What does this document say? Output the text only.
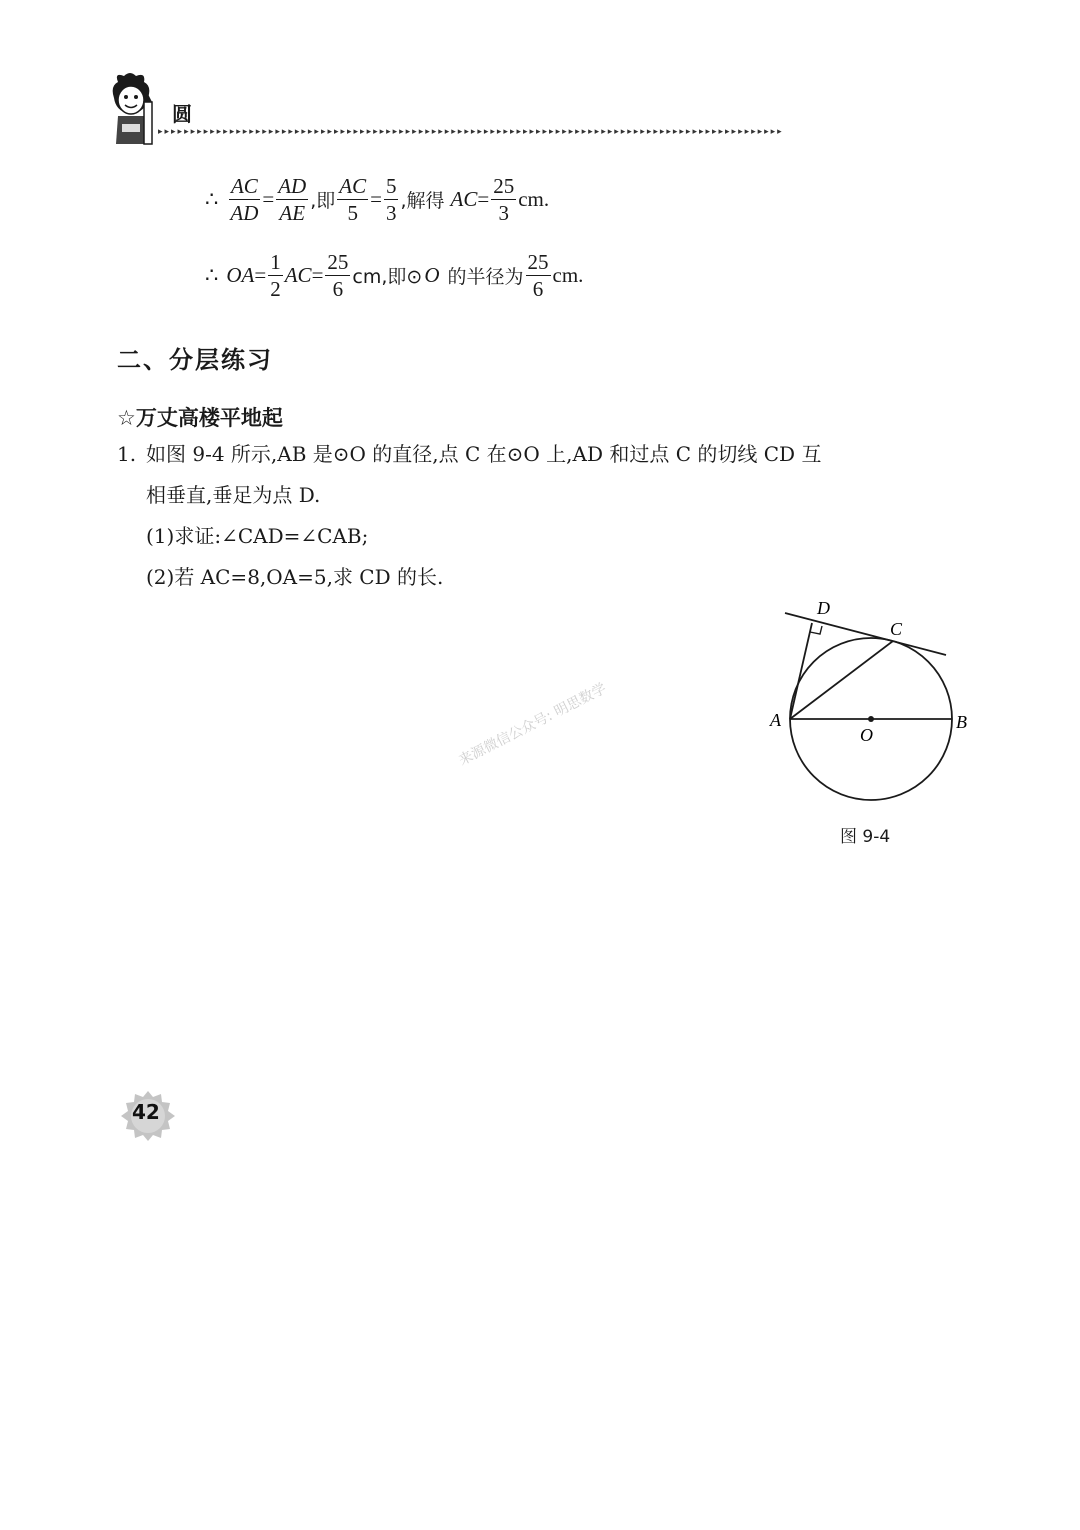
圆
▸▸▸▸▸▸▸▸▸▸▸▸▸▸▸▸▸▸▸▸▸▸▸▸▸▸▸▸▸▸▸▸▸▸▸▸▸▸▸▸▸▸▸▸▸▸▸▸▸▸▸▸▸▸▸▸▸▸▸▸▸▸▸▸▸▸▸▸▸▸▸▸▸▸▸▸▸▸▸▸▸▸▸▸▸▸▸▸▸▸▸▸▸▸▸▸
∴ $\frac{AC}{AD} = \frac{AD}{AE}$ ,即 $\frac{AC}{5} = \frac{5}{3}$ ,解得 AC = $\frac{25}{3}$ cm.
∴ OA = $\frac{1}{2}$ AC = $\frac{25}{6}$ cm,即⊙ O 的半径为 $\frac{25}{6}$ cm.
二、分层练习
☆万丈高楼平地起
1. 如图 9-4 所示,AB 是⊙O 的直径,点 C 在⊙O 上,AD 和过点 C 的切线 CD 互
相垂直,垂足为点 D.
(1)求证:∠CAD=∠CAB;
(2)若 AC=8,OA=5,求 CD 的长.
D
C
A	B
O
图 9-4
来源微信公众号: 明思数学
42
